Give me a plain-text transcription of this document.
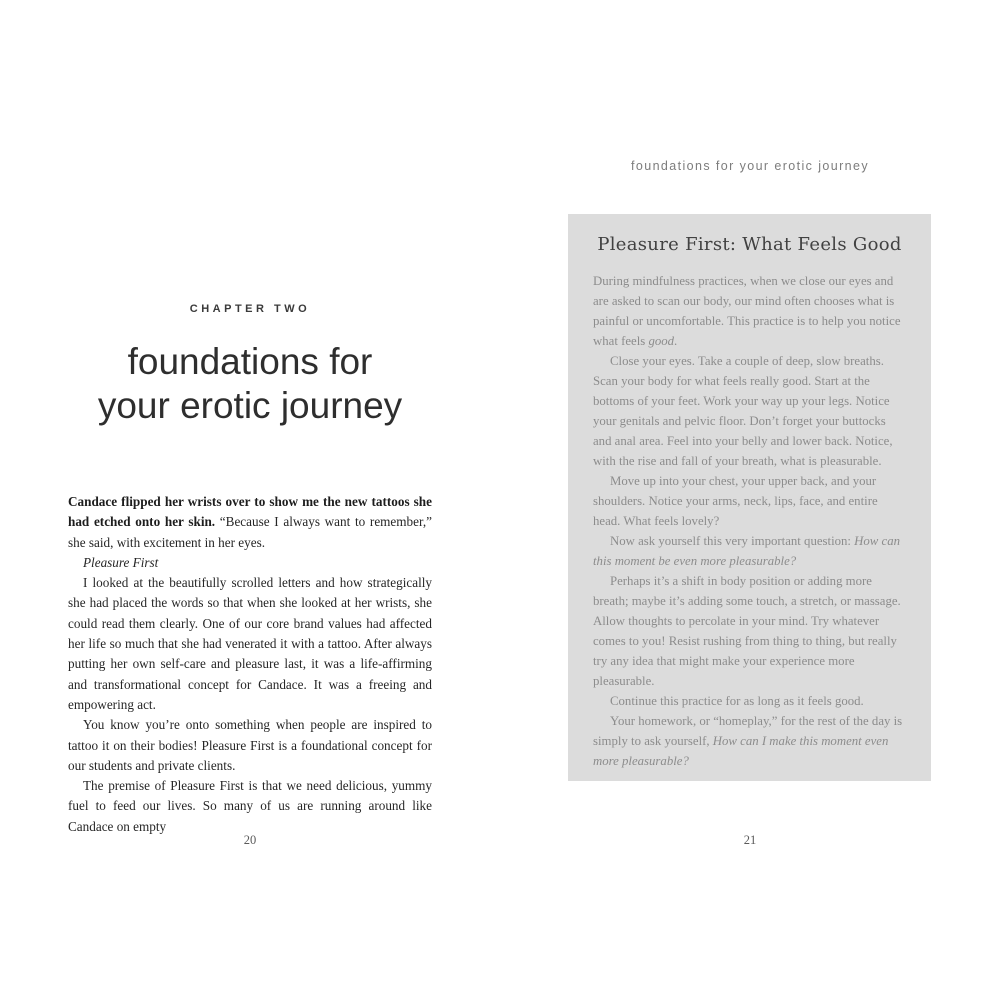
CHAPTER TWO
foundations for
your erotic journey

Candace flipped her wrists over to show me the new tattoos she had etched onto her skin. “Because I always want to remember,” she said, with excitement in her eyes.

Pleasure First

I looked at the beautifully scrolled letters and how strategically she had placed the words so that when she looked at her wrists, she could read them clearly. One of our core brand values had affected her life so much that she had venerated it with a tattoo. After always putting her own self-care and pleasure last, it was a life-affirming and transformational concept for Candace. It was a freeing and empowering act.

You know you’re onto something when people are inspired to tattoo it on their bodies! Pleasure First is a foundational concept for our students and private clients.

The premise of Pleasure First is that we need delicious, yummy fuel to feed our lives. So many of us are running around like Candace on empty

20
foundations for your erotic journey
Pleasure First: What Feels Good

During mindfulness practices, when we close our eyes and are asked to scan our body, our mind often chooses what is painful or uncomfortable. This practice is to help you notice what feels good.

Close your eyes. Take a couple of deep, slow breaths. Scan your body for what feels really good. Start at the bottoms of your feet. Work your way up your legs. Notice your genitals and pelvic floor. Don’t forget your buttocks and anal area. Feel into your belly and lower back. Notice, with the rise and fall of your breath, what is pleasurable.

Move up into your chest, your upper back, and your shoulders. Notice your arms, neck, lips, face, and entire head. What feels lovely?

Now ask yourself this very important question: How can this moment be even more pleasurable?

Perhaps it’s a shift in body position or adding more breath; maybe it’s adding some touch, a stretch, or massage. Allow thoughts to percolate in your mind. Try whatever comes to you! Resist rushing from thing to thing, but really try any idea that might make your experience more pleasurable.

Continue this practice for as long as it feels good.

Your homework, or “homeplay,” for the rest of the day is simply to ask yourself, How can I make this moment even more pleasurable?

21
